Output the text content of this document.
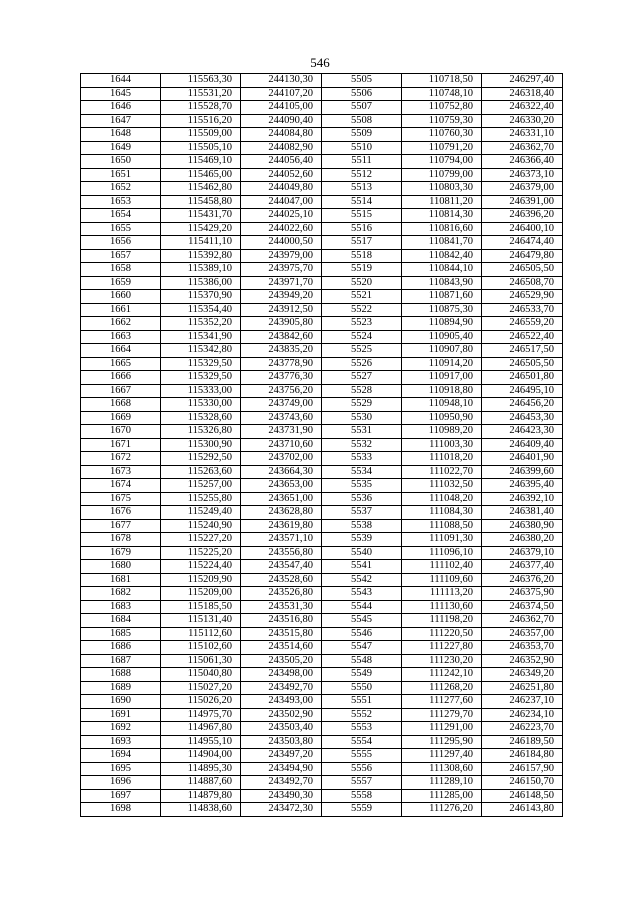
546
1644	115563,30	244130,30	5505	110718,50	246297,40
1645	115531,20	244107,20	5506	110748,10	246318,40
1646	115528,70	244105,00	5507	110752,80	246322,40
1647	115516,20	244090,40	5508	110759,30	246330,20
1648	115509,00	244084,80	5509	110760,30	246331,10
1649	115505,10	244082,90	5510	110791,20	246362,70
1650	115469,10	244056,40	5511	110794,00	246366,40
1651	115465,00	244052,60	5512	110799,00	246373,10
1652	115462,80	244049,80	5513	110803,30	246379,00
1653	115458,80	244047,00	5514	110811,20	246391,00
1654	115431,70	244025,10	5515	110814,30	246396,20
1655	115429,20	244022,60	5516	110816,60	246400,10
1656	115411,10	244000,50	5517	110841,70	246474,40
1657	115392,80	243979,00	5518	110842,40	246479,80
1658	115389,10	243975,70	5519	110844,10	246505,50
1659	115386,00	243971,70	5520	110843,90	246508,70
1660	115370,90	243949,20	5521	110871,60	246529,90
1661	115354,40	243912,50	5522	110875,30	246533,70
1662	115352,20	243905,80	5523	110894,90	246559,20
1663	115341,90	243842,60	5524	110905,40	246522,40
1664	115342,80	243835,20	5525	110907,80	246517,50
1665	115329,50	243778,90	5526	110914,20	246505,50
1666	115329,50	243776,30	5527	110917,00	246501,80
1667	115333,00	243756,20	5528	110918,80	246495,10
1668	115330,00	243749,00	5529	110948,10	246456,20
1669	115328,60	243743,60	5530	110950,90	246453,30
1670	115326,80	243731,90	5531	110989,20	246423,30
1671	115300,90	243710,60	5532	111003,30	246409,40
1672	115292,50	243702,00	5533	111018,20	246401,90
1673	115263,60	243664,30	5534	111022,70	246399,60
1674	115257,00	243653,00	5535	111032,50	246395,40
1675	115255,80	243651,00	5536	111048,20	246392,10
1676	115249,40	243628,80	5537	111084,30	246381,40
1677	115240,90	243619,80	5538	111088,50	246380,90
1678	115227,20	243571,10	5539	111091,30	246380,20
1679	115225,20	243556,80	5540	111096,10	246379,10
1680	115224,40	243547,40	5541	111102,40	246377,40
1681	115209,90	243528,60	5542	111109,60	246376,20
1682	115209,00	243526,80	5543	111113,20	246375,90
1683	115185,50	243531,30	5544	111130,60	246374,50
1684	115131,40	243516,80	5545	111198,20	246362,70
1685	115112,60	243515,80	5546	111220,50	246357,00
1686	115102,60	243514,60	5547	111227,80	246353,70
1687	115061,30	243505,20	5548	111230,20	246352,90
1688	115040,80	243498,00	5549	111242,10	246349,20
1689	115027,20	243492,70	5550	111268,20	246251,80
1690	115026,20	243493,00	5551	111277,60	246237,10
1691	114975,70	243502,90	5552	111279,70	246234,10
1692	114967,80	243503,40	5553	111291,00	246223,70
1693	114955,10	243503,80	5554	111295,90	246189,50
1694	114904,00	243497,20	5555	111297,40	246184,80
1695	114895,30	243494,90	5556	111308,60	246157,90
1696	114887,60	243492,70	5557	111289,10	246150,70
1697	114879,80	243490,30	5558	111285,00	246148,50
1698	114838,60	243472,30	5559	111276,20	246143,80
